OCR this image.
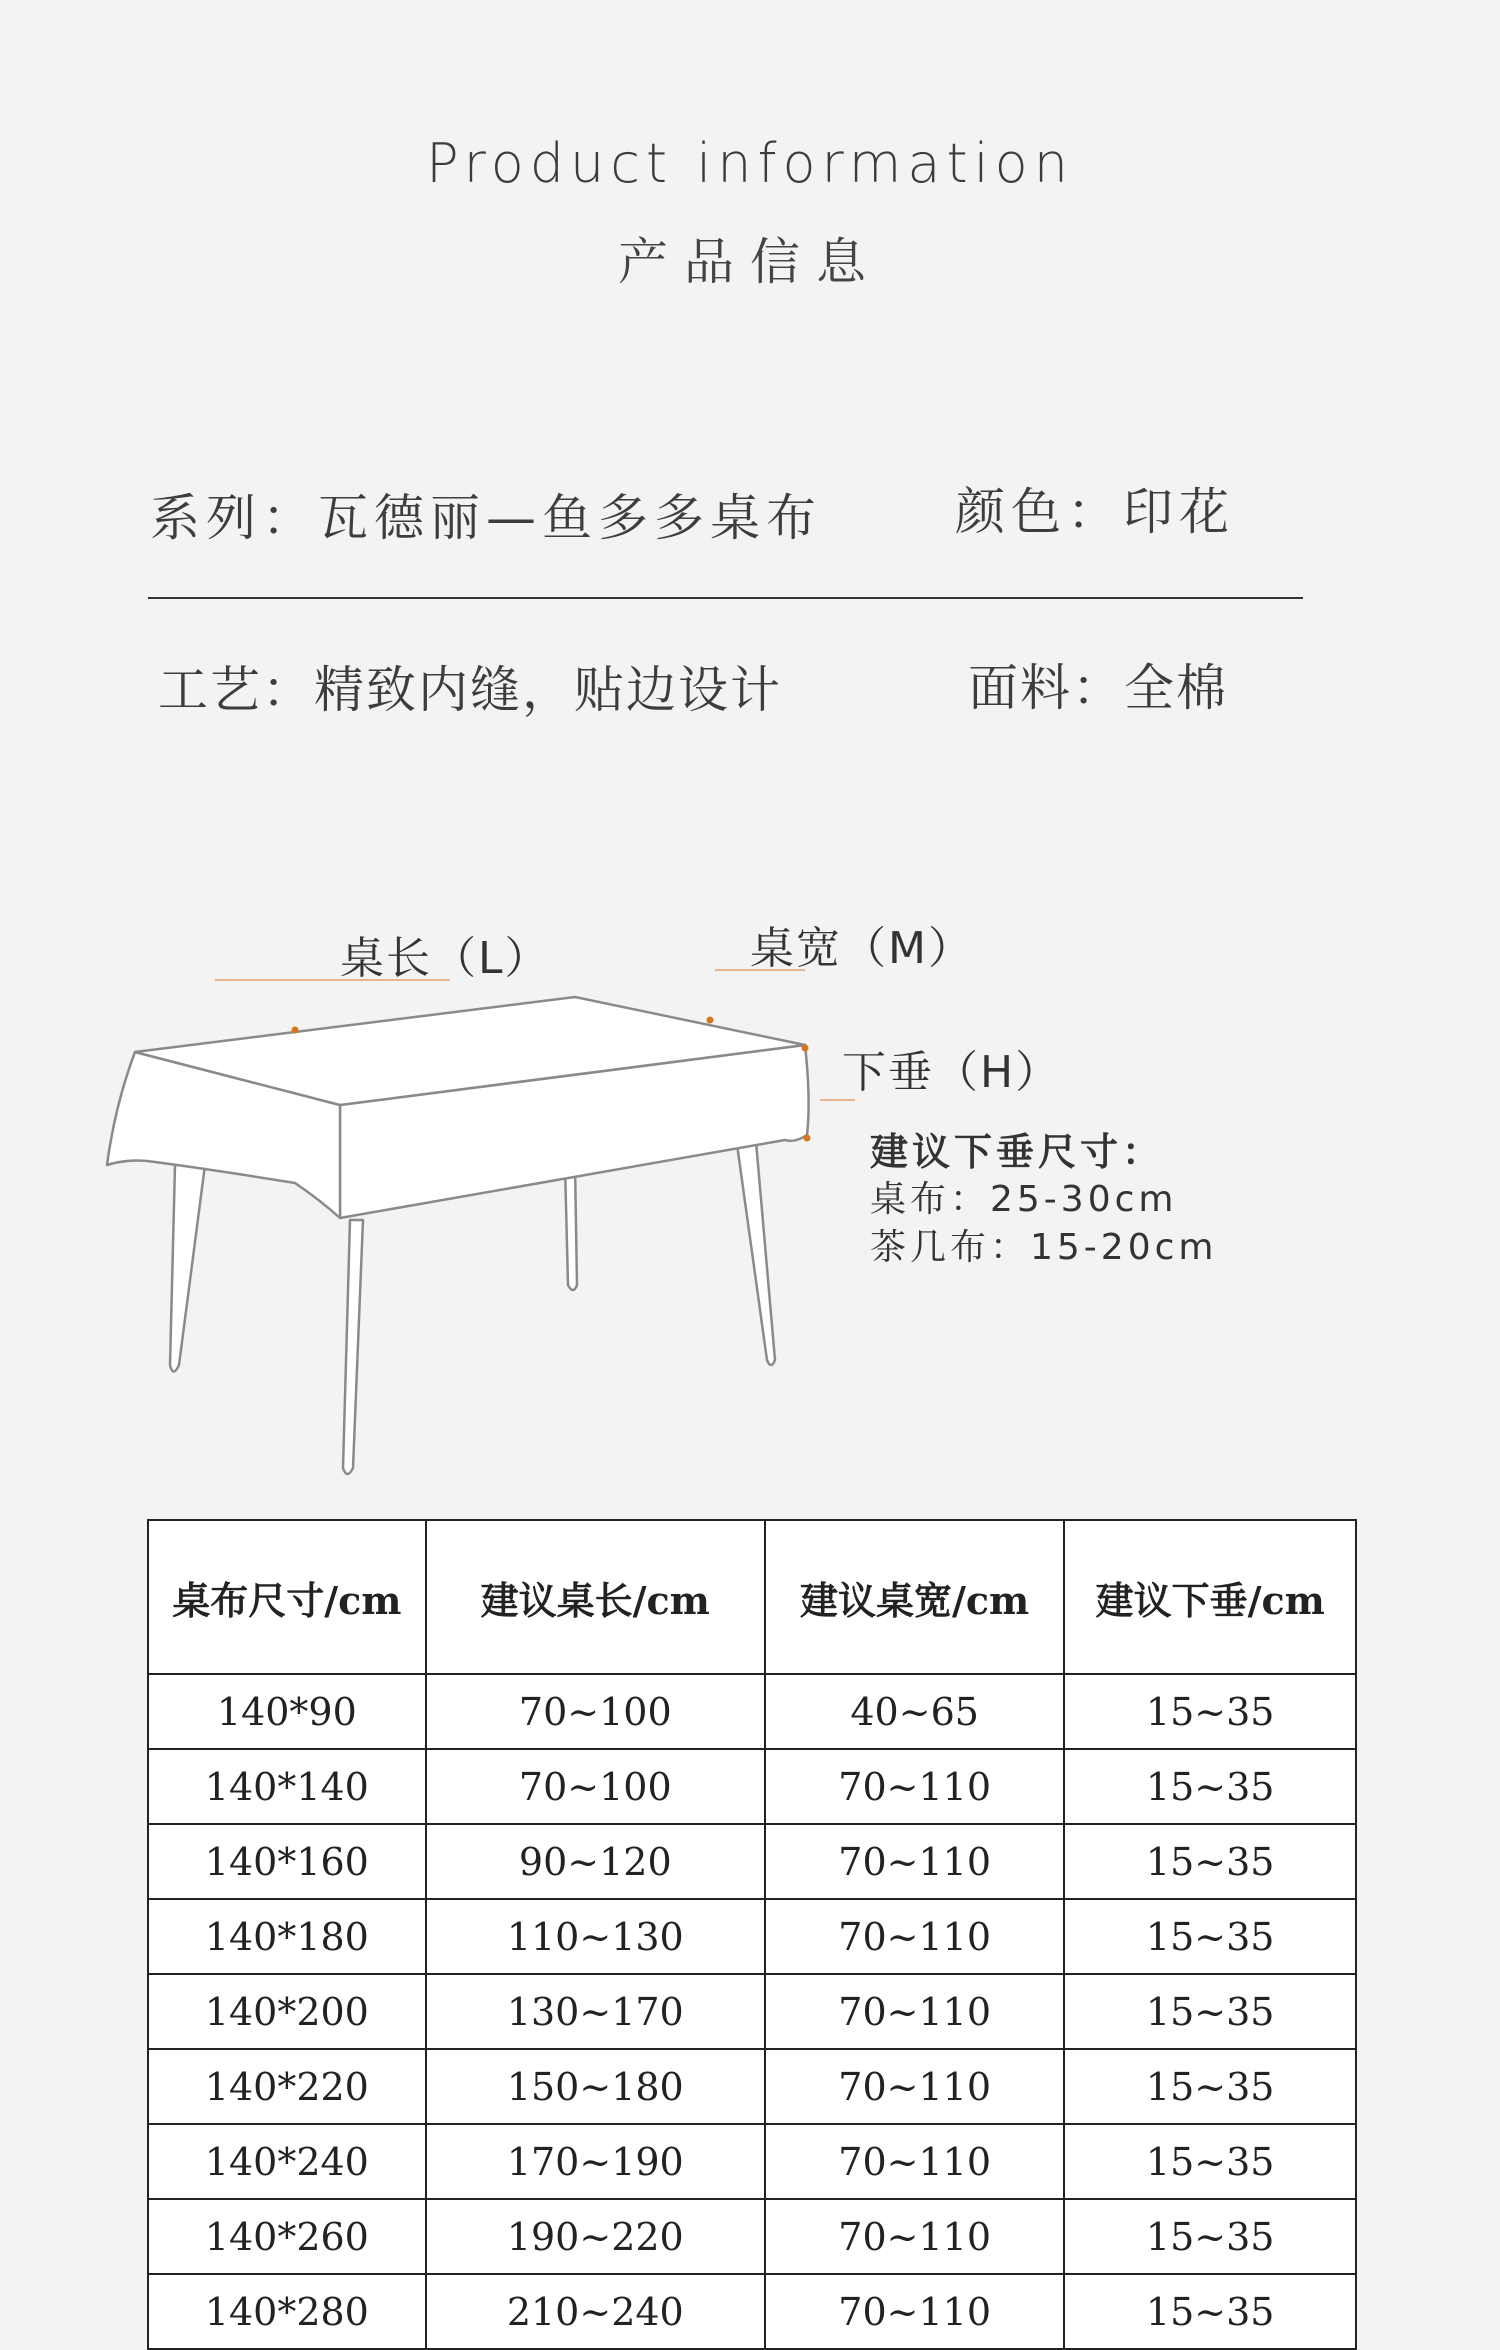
Product information
产品信息
系列：瓦德丽—鱼多多桌布	颜色：印花
工艺：精致内缝，贴边设计	面料：全棉
桌长（L）	桌宽（M）
下垂（H）
建议下垂尺寸：
桌布：25-30cm
茶几布：15-20cm
桌布尺寸/cm	建议桌长/cm	建议桌宽/cm	建议下垂/cm
140*90	70~100	40~65	15~35
140*140	70~100	70~110	15~35
140*160	90~120	70~110	15~35
140*180	110~130	70~110	15~35
140*200	130~170	70~110	15~35
140*220	150~180	70~110	15~35
140*240	170~190	70~110	15~35
140*260	190~220	70~110	15~35
140*280	210~240	70~110	15~35
